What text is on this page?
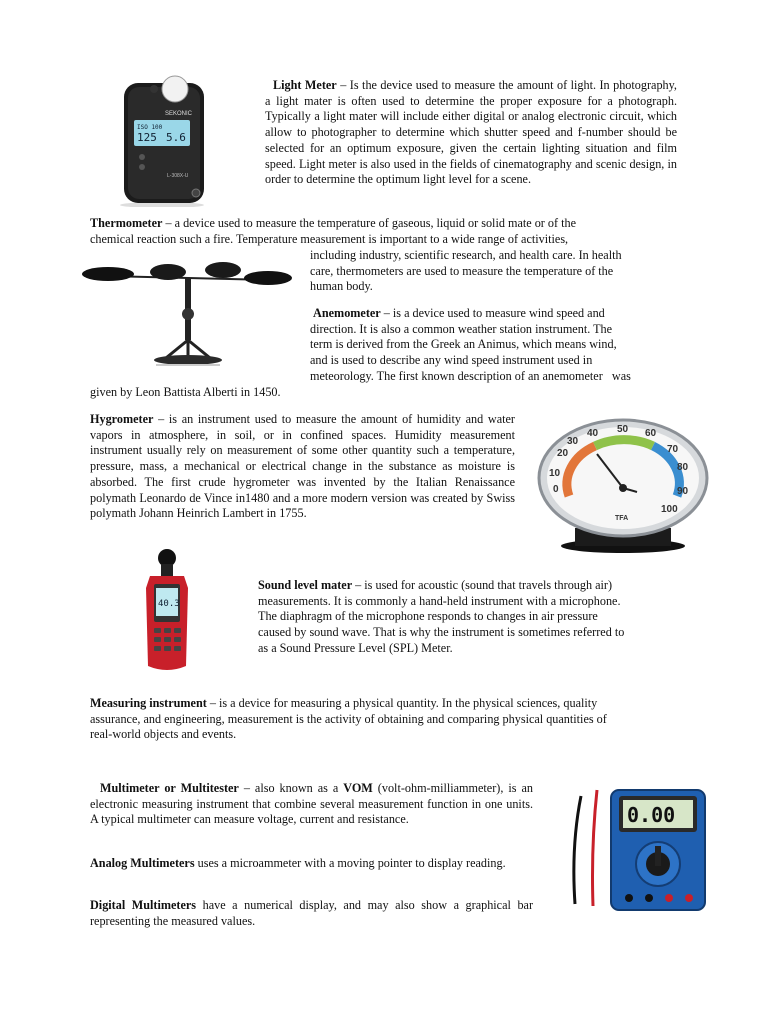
SEKONIC
ISO 100
125 5.6
L-308X-U

Light Meter – Is the device used to measure the amount of light. In photography, a light mater is often used to determine the proper exposure for a photograph. Typically a light mater will include either digital or analog electronic circuit, which allow to photographer to determine which shutter speed and f-number should be selected for an optimum exposure, given the certain lighting situation and film speed. Light meter is also used in the fields of cinematography and scenic design, in order to determine the optimum light level for a scene.

Thermometer – a device used to measure the temperature of gaseous, liquid or solid mate or of the
chemical reaction such a fire. Temperature measurement is important to a wide range of activities,
including industry, scientific research, and health care. In health
care, thermometers are used to measure the temperature of the
human body.
Anemometer – is a device used to measure wind speed and
direction. It is also a common weather station instrument. The
term is derived from the Greek an Animus, which means wind,
and is used to describe any wind speed instrument used in
meteorology. The first known description of an anemometer   was
given by Leon Battista Alberti in 1450.

Hygrometer – is an instrument used to measure the amount of humidity and water vapors in atmosphere, in soil, or in confined spaces. Humidity measurement instrument usually rely on measurement of some other quantity such a temperature, pressure, mass, a mechanical or electrical change in the substance as moisture is absorbed. The first crude hygrometer was invented by the Italian Renaissance polymath Leonardo de Vince in1480 and a more modern version was created by Swiss polymath Johann Heinrich Lambert in 1755.

0
10
20
30
40 50 60
70
80
90
100
TFA
40.3
Sound level mater – is used for acoustic (sound that travels through air)
measurements. It is commonly a hand-held instrument with a microphone.
The diaphragm of the microphone responds to changes in air pressure
caused by sound wave. That is why the instrument is sometimes referred to
as a Sound Pressure Level (SPL) Meter.
Measuring instrument – is a device for measuring a physical quantity. In the physical sciences, quality
assurance, and engineering, measurement is the activity of obtaining and comparing physical quantities of
real-world objects and events.

Multimeter or Multitester – also known as a VOM (volt-ohm-milliammeter), is an electronic measuring instrument that combine several measurement function in one units. A typical multimeter can measure voltage, current and resistance.

Analog Multimeters uses a microammeter with a moving pointer to display reading.

Digital Multimeters have a numerical display, and may also show a graphical bar representing the measured values.

0.00
